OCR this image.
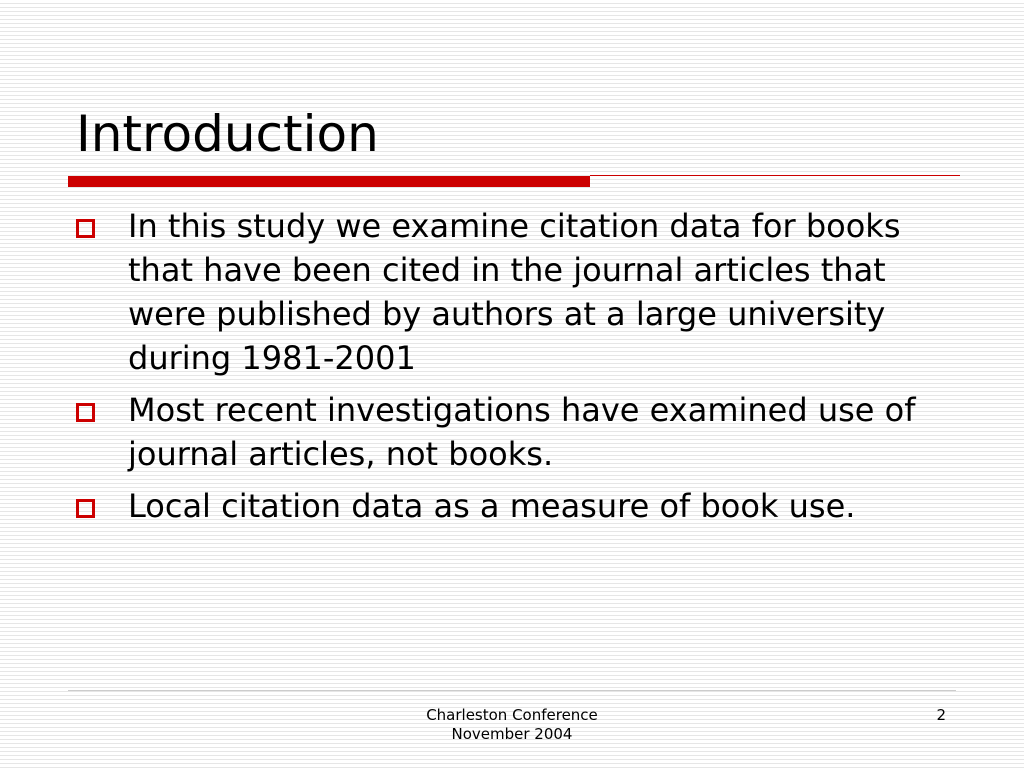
Introduction
In this study we examine citation data for books that have been cited in the journal articles that were published by authors at a large university during 1981-2001
Most recent investigations have examined use of journal articles, not books.
Local citation data as a measure of book use.
Charleston Conference
November 2004
2
